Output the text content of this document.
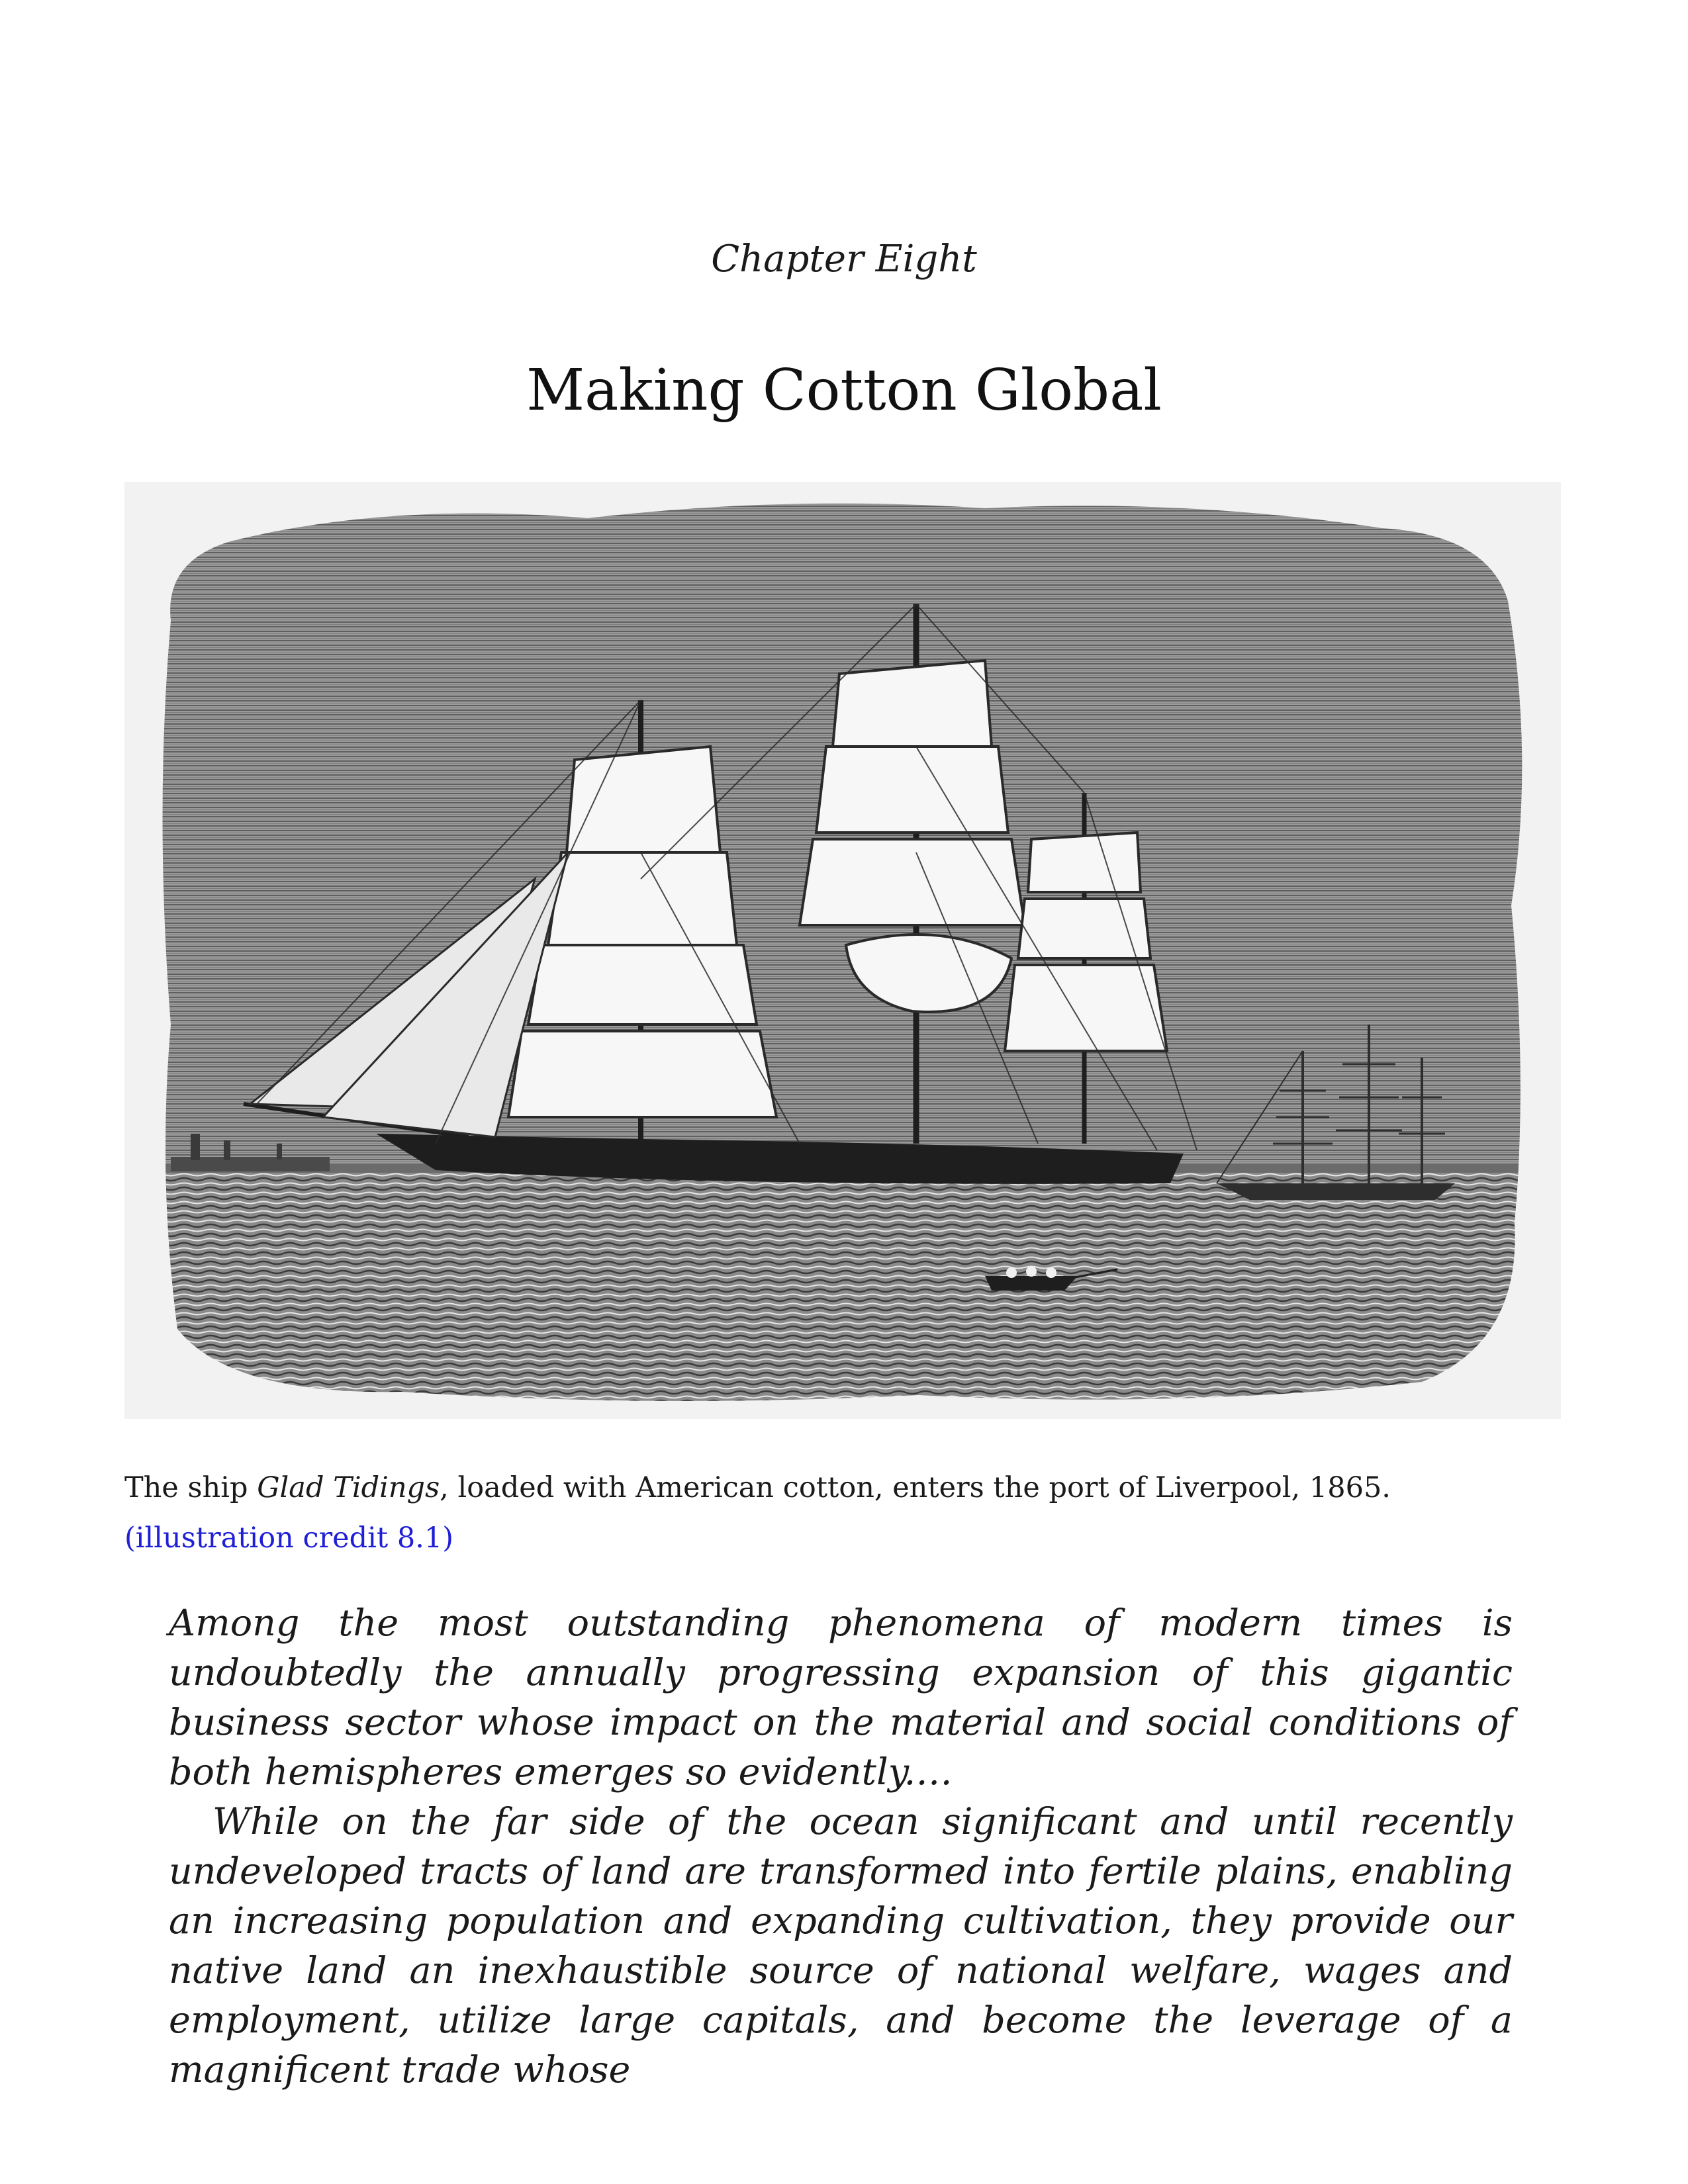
Chapter Eight
Making Cotton Global
The ship Glad Tidings, loaded with American cotton, enters the port of Liverpool, 1865. (illustration credit 8.1)

Among the most outstanding phenomena of modern times is undoubtedly the annually progressing expansion of this gigantic business sector whose impact on the material and social conditions of both hemispheres emerges so evidently.…

While on the far side of the ocean significant and until recently undeveloped tracts of land are transformed into fertile plains, enabling an increasing population and expanding cultivation, they provide our native land an inexhaustible source of national welfare, wages and employment, utilize large capitals, and become the leverage of a magnificent trade whose
